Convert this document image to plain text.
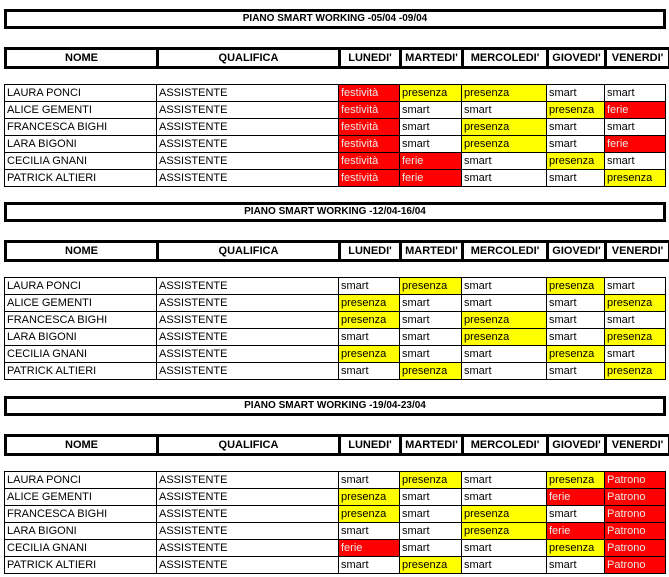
PIANO SMART WORKING -05/04 -09/04
NOME	QUALIFICA	LUNEDI'	MARTEDI'	MERCOLEDI'	GIOVEDI'	VENERDI'
LAURA PONCI	ASSISTENTE	festività	presenza	presenza	smart	smart
ALICE GEMENTI	ASSISTENTE	festività	smart	smart	presenza	ferie
FRANCESCA BIGHI	ASSISTENTE	festività	smart	presenza	smart	smart
LARA BIGONI	ASSISTENTE	festività	smart	presenza	smart	ferie
CECILIA GNANI	ASSISTENTE	festività	ferie	smart	presenza	smart
PATRICK ALTIERI	ASSISTENTE	festività	ferie	smart	smart	presenza
PIANO SMART WORKING -12/04-16/04
NOME	QUALIFICA	LUNEDI'	MARTEDI'	MERCOLEDI'	GIOVEDI'	VENERDI'
LAURA PONCI	ASSISTENTE	smart	presenza	smart	presenza	smart
ALICE GEMENTI	ASSISTENTE	presenza	smart	smart	smart	presenza
FRANCESCA BIGHI	ASSISTENTE	presenza	smart	presenza	smart	smart
LARA BIGONI	ASSISTENTE	smart	smart	presenza	smart	presenza
CECILIA GNANI	ASSISTENTE	presenza	smart	smart	presenza	smart
PATRICK ALTIERI	ASSISTENTE	smart	presenza	smart	smart	presenza
PIANO SMART WORKING -19/04-23/04
NOME	QUALIFICA	LUNEDI'	MARTEDI'	MERCOLEDI'	GIOVEDI'	VENERDI'
LAURA PONCI	ASSISTENTE	smart	presenza	smart	presenza	Patrono
ALICE GEMENTI	ASSISTENTE	presenza	smart	smart	ferie	Patrono
FRANCESCA BIGHI	ASSISTENTE	presenza	smart	presenza	smart	Patrono
LARA BIGONI	ASSISTENTE	smart	smart	presenza	ferie	Patrono
CECILIA GNANI	ASSISTENTE	ferie	smart	smart	presenza	Patrono
PATRICK ALTIERI	ASSISTENTE	smart	presenza	smart	smart	Patrono
